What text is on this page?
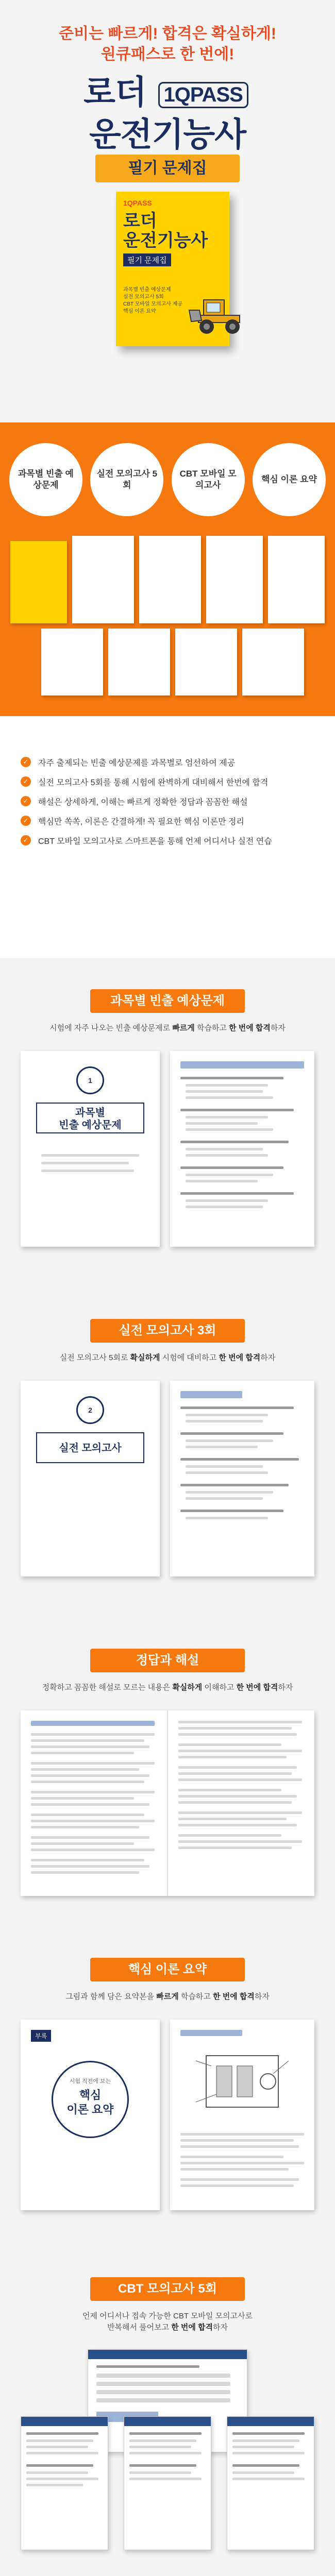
준비는 빠르게! 합격은 확실하게!
원큐패스로 한 번에!
로더 1QPASS
운전기능사
필기 문제집
1QPASS
로더
운전기능사
필기 문제집
과목별 빈출 예상문제
실전 모의고사 5회
CBT 모바일 모의고사 제공
핵심 이론 요약
과목별 빈출 예상문제
실전 모의고사 5회
CBT 모바일 모의고사
핵심 이론 요약
✓ 자주 출제되는 빈출 예상문제를 과목별로 엄선하여 제공
✓ 실전 모의고사 5회를 통해 시험에 완벽하게 대비해서 한번에 합격
✓ 해설은 상세하게, 이해는 빠르게 정확한 정답과 꼼꼼한 해설
✓ 핵심만 쏙쏙, 이론은 간결하게! 꼭 필요한 핵심 이론만 정리
✓ CBT 모바일 모의고사로 스마트폰을 통해 언제 어디서나 실전 연습
과목별 빈출 예상문제
시험에 자주 나오는 빈출 예상문제로 빠르게 학습하고 한 번에 합격하자
1
과목별
빈출 예상문제
실전 모의고사 3회
실전 모의고사 5회로 확실하게 시험에 대비하고 한 번에 합격하자
2
실전 모의고사
정답과 해설
정확하고 꼼꼼한 해설로 모르는 내용은 확실하게 이해하고 한 번에 합격하자
핵심 이론 요약
그림과 함께 담은 요약본을 빠르게 학습하고 한 번에 합격하자
부록
시험 직전에 보는
핵심
이론 요약
CBT 모의고사 5회
언제 어디서나 접속 가능한 CBT 모바일 모의고사로
반복해서 풀어보고 한 번에 합격하자
